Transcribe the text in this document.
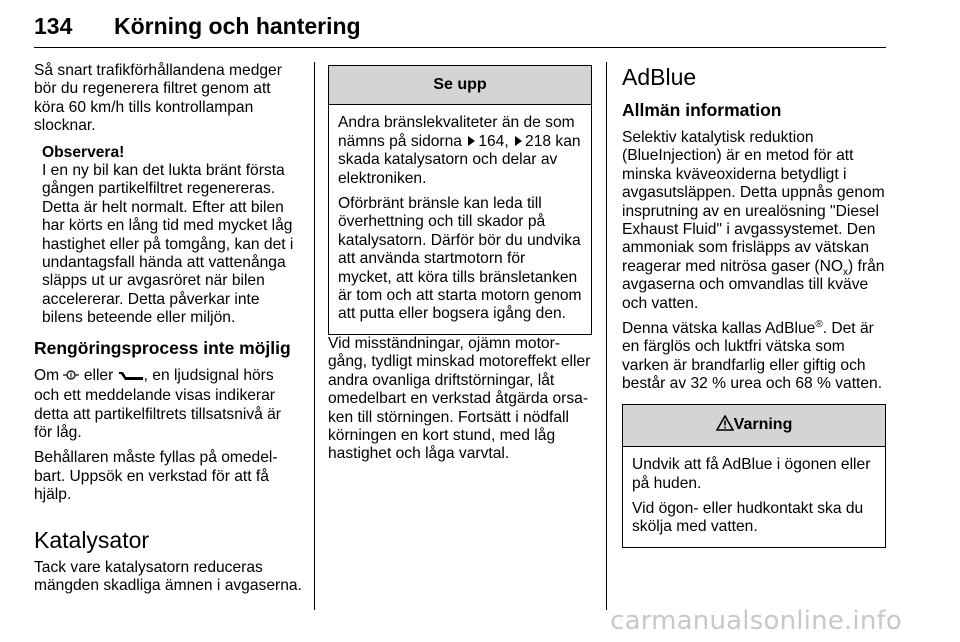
134 Körning och hantering

Så snart trafikförhållandena medger bör du regenerera filtret genom att köra 60 km/h tills kontrollampan slocknar.

Observera!

I en ny bil kan det lukta bränt första gången partikelfiltret regenereras. Detta är helt normalt. Efter att bilen har körts en lång tid med mycket låg hastighet eller på tomgång, kan det i undantagsfall hända att vattenånga släpps ut ur avgasröret när bilen accelererar. Detta påverkar inte bilens beteende eller miljön.

Rengöringsprocess inte möjlig

Om eller , en ljudsignal hörs och ett meddelande visas indikerar detta att partikelfiltrets tillsatsnivå är för låg.

Behållaren måste fyllas på omedelbart. Uppsök en verkstad för att få hjälp.

Katalysator

Tack vare katalysatorn reduceras mängden skadliga ämnen i avgaserna.

Se upp

Andra bränslekvaliteter än de som nämns på sidorna 164, 218 kan skada katalysatorn och delar av elektroniken.

Oförbränt bränsle kan leda till överhettning och till skador på katalysatorn. Därför bör du undvika att använda startmotorn för mycket, att köra tills bränsletanken är tom och att starta motorn genom att putta eller bogsera igång den.

Vid misständningar, ojämn motorgång, tydligt minskad motoreffekt eller andra ovanliga driftstörningar, låt omedelbart en verkstad åtgärda orsaken till störningen. Fortsätt i nödfall körningen en kort stund, med låg hastighet och låga varvtal.

AdBlue
Allmän information

Selektiv katalytisk reduktion (BlueInjection) är en metod för att minska kväveoxiderna betydligt i avgasutsläppen. Detta uppnås genom insprutning av en urealösning "Diesel Exhaust Fluid" i avgassystemet. Den ammoniak som frisläpps av vätskan reagerar med nitrösa gaser $(NO_x)$ från avgaserna och omvandlas till kväve och vatten.

Denna vätska kallas AdBlue®. Det är en färglös och luktfri vätska som varken är brandfarlig eller giftig och består av 32 % urea och 68 % vatten.

Varning

Undvik att få AdBlue i ögonen eller på huden.

Vid ögon- eller hudkontakt ska du skölja med vatten.

carmanualsonline.info
